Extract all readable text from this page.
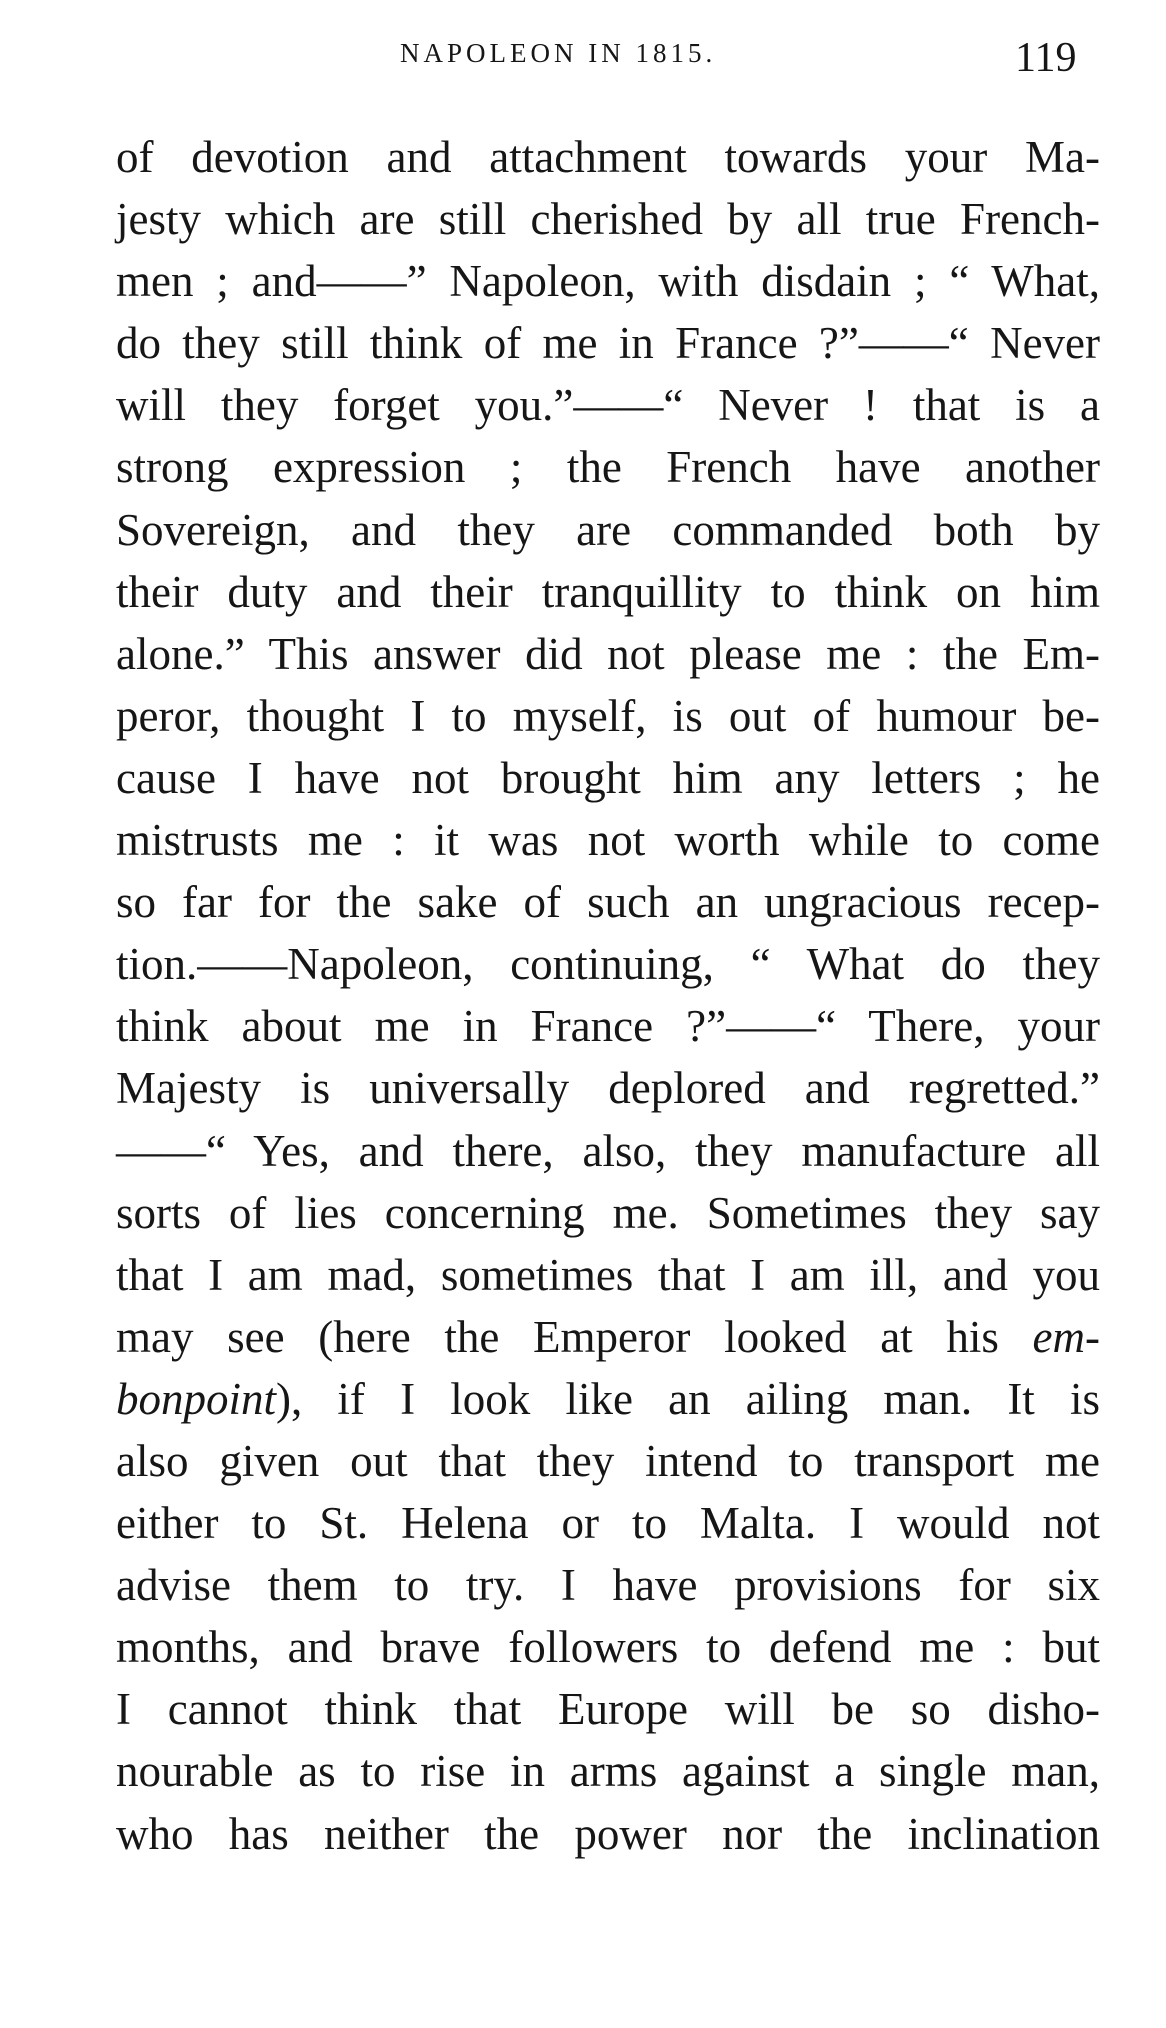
NAPOLEON IN 1815.	119
of devotion and attachment towards your Ma-
jesty which are still cherished by all true French-
men ; and——” Napoleon, with disdain ; “ What,
do they still think of me in France ?”——“ Never
will they forget you.”——“ Never ! that is a
strong expression ; the French have another
Sovereign, and they are commanded both by
their duty and their tranquillity to think on him
alone.” This answer did not please me : the Em-
peror, thought I to myself, is out of humour be-
cause I have not brought him any letters ; he
mistrusts me : it was not worth while to come
so far for the sake of such an ungracious recep-
tion.——Napoleon, continuing, “ What do they
think about me in France ?”——“ There, your
Majesty is universally deplored and regretted.”
——“ Yes, and there, also, they manufacture all
sorts of lies concerning me. Sometimes they say
that I am mad, sometimes that I am ill, and you
may see (here the Emperor looked at his em-
bonpoint), if I look like an ailing man. It is
also given out that they intend to transport me
either to St. Helena or to Malta. I would not
advise them to try. I have provisions for six
months, and brave followers to defend me : but
I cannot think that Europe will be so disho-
nourable as to rise in arms against a single man,
who has neither the power nor the inclination
